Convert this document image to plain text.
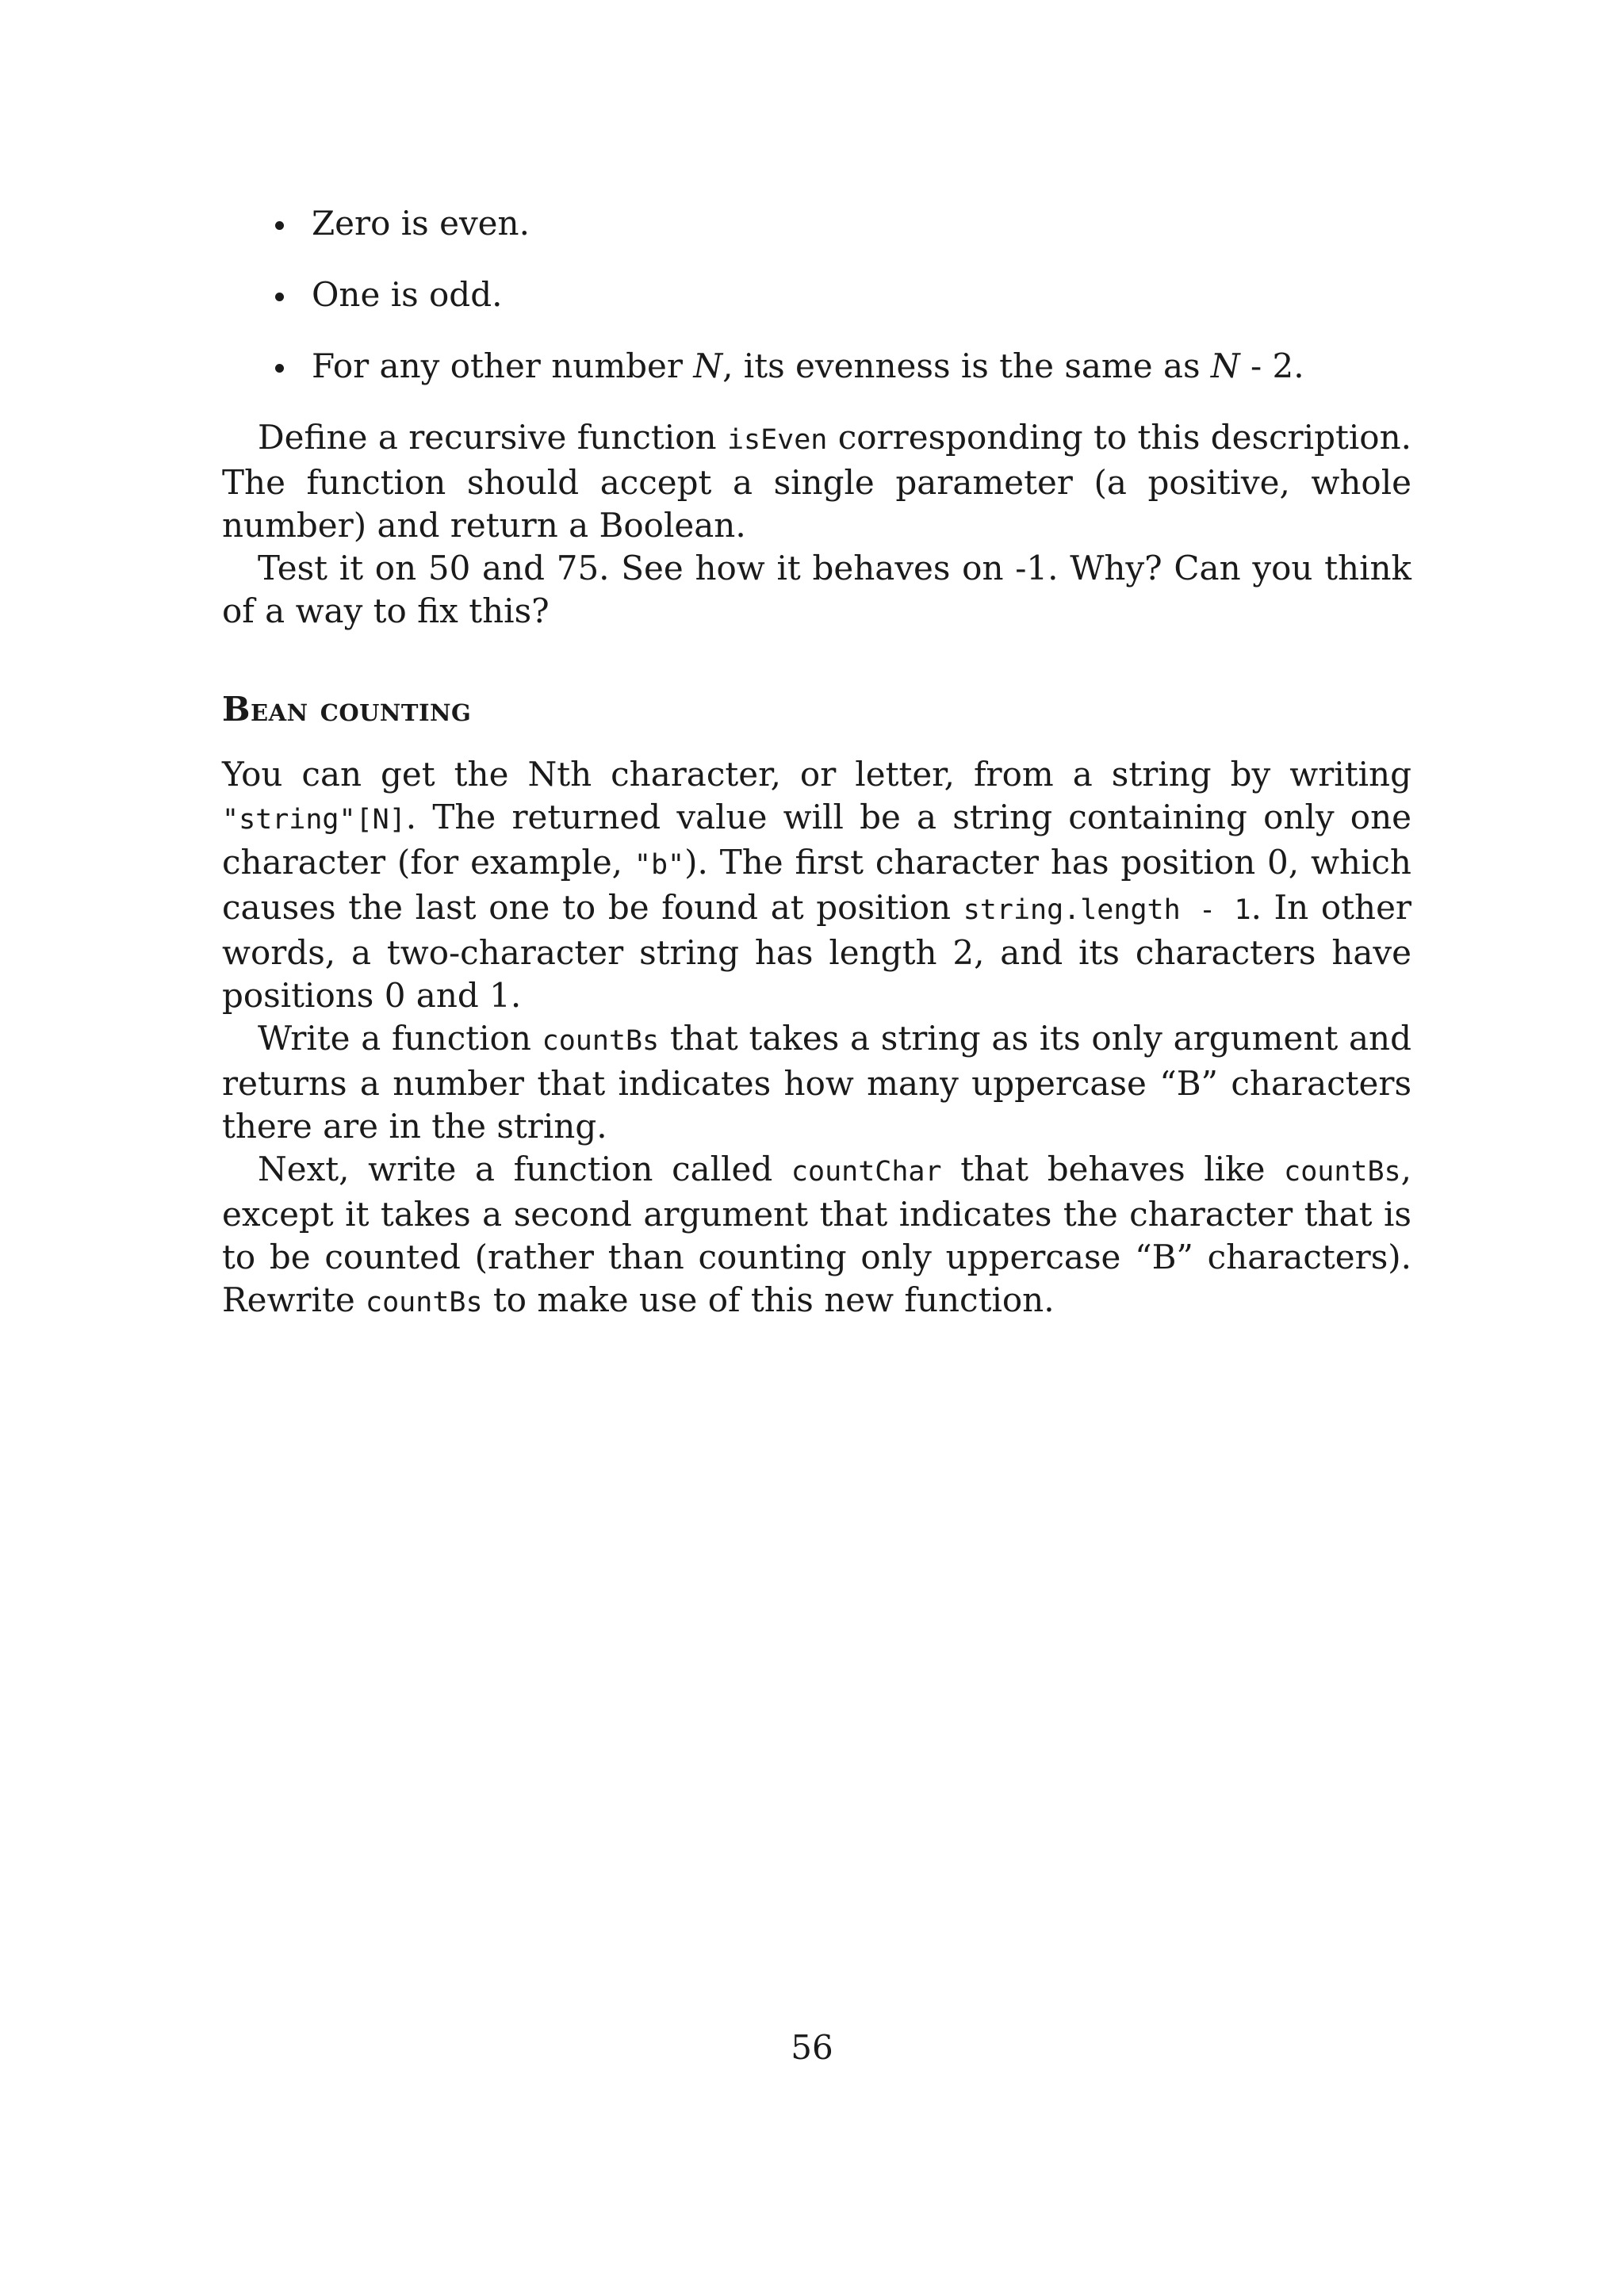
Zero is even.
One is odd.
For any other number N, its evenness is the same as N - 2.

Define a recursive function isEven corresponding to this description. The function should accept a single parameter (a positive, whole number) and return a Boolean.

Test it on 50 and 75. See how it behaves on -1. Why? Can you think of a way to fix this?

Bean counting

You can get the Nth character, or letter, from a string by writing "string"[N]. The returned value will be a string containing only one character (for example, "b"). The first character has position 0, which causes the last one to be found at position string.length - 1. In other words, a two-character string has length 2, and its characters have positions 0 and 1.

Write a function countBs that takes a string as its only argument and returns a number that indicates how many uppercase “B” characters there are in the string.

Next, write a function called countChar that behaves like countBs, except it takes a second argument that indicates the character that is to be counted (rather than counting only uppercase “B” characters). Rewrite countBs to make use of this new function.

56
